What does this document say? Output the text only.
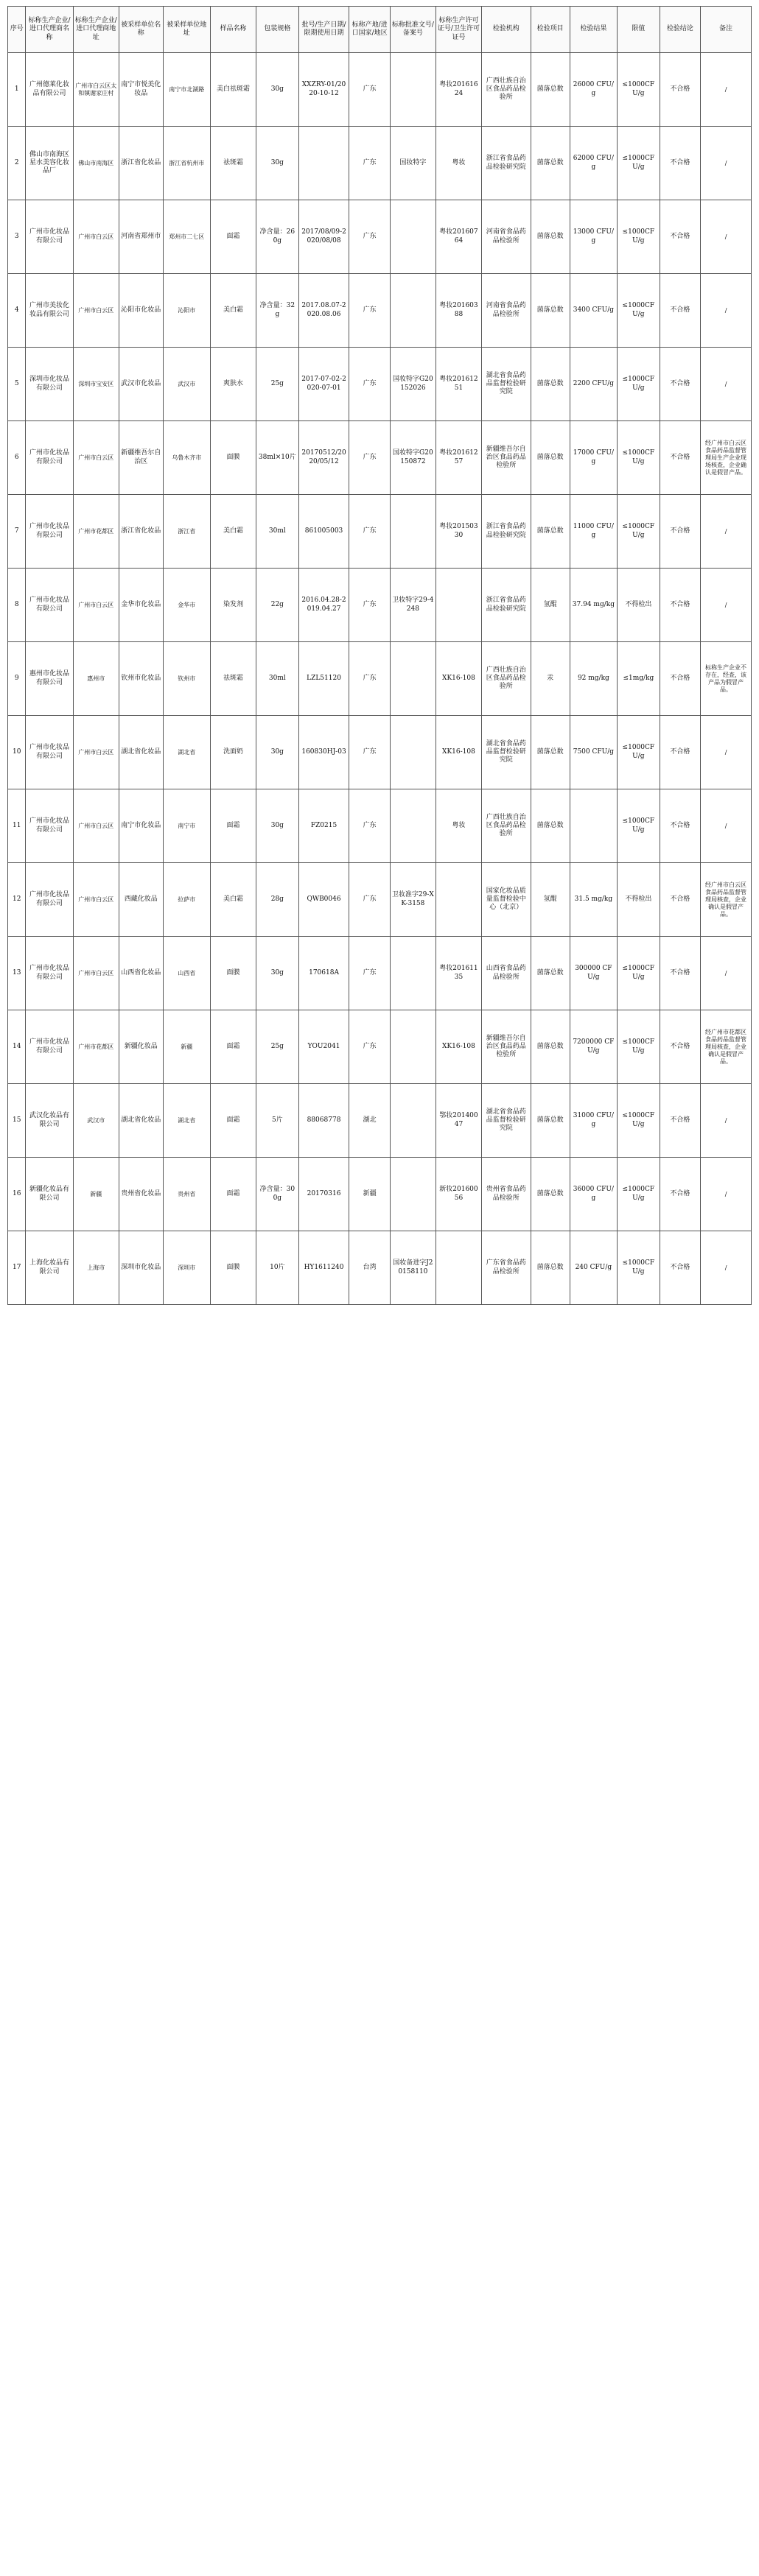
序号	标称生产企业/进口代理商名称	标称生产企业/进口代理商地址	被采样单位名称	被采样单位地址	样品名称	包装规格	批号/生产日期/限期使用日期	标称产地/进口国家/地区	标称批准文号/备案号	标称生产许可证号/卫生许可证号	检验机构	检验项目	检验结果	限值	检验结论	备注
1	广州德莱化妆品有限公司	广州市白云区太和镇谢家庄村	南宁市悦美化妆品	南宁市北湖路	美白祛斑霜	30g	XXZRY-01/2020-10-12	广东		粤妆20161624	广西壮族自治区食品药品检验所	菌落总数	26000 CFU/g	≤1000CFU/g	不合格	/
2	佛山市南海区星水美容化妆品厂	佛山市南海区	浙江省化妆品	浙江省杭州市	祛斑霜	30g		广东	国妆特字	粤妆	浙江省食品药品检验研究院	菌落总数	62000 CFU/g	≤1000CFU/g	不合格	/
3	广州市化妆品有限公司	广州市白云区	河南省郑州市	郑州市二七区	面霜	净含量：260g	2017/08/09-2020/08/08	广东		粤妆20160764	河南省食品药品检验所	菌落总数	13000 CFU/g	≤1000CFU/g	不合格	/
4	广州市美妆化妆品有限公司	广州市白云区	沁阳市化妆品	沁阳市	美白霜	净含量：32g	2017.08.07-2020.08.06	广东		粤妆20160388	河南省食品药品检验所	菌落总数	3400 CFU/g	≤1000CFU/g	不合格	/
5	深圳市化妆品有限公司	深圳市宝安区	武汉市化妆品	武汉市	爽肤水	25g	2017-07-02-2020-07-01	广东	国妆特字G20152026	粤妆20161251	湖北省食品药品监督检验研究院	菌落总数	2200 CFU/g	≤1000CFU/g	不合格	/
6	广州市化妆品有限公司	广州市白云区	新疆维吾尔自治区	乌鲁木齐市	面膜	38ml×10片	20170512/2020/05/12	广东	国妆特字G20150872	粤妆20161257	新疆维吾尔自治区食品药品检验所	菌落总数	17000 CFU/g	≤1000CFU/g	不合格	经广州市白云区食品药品监督管理局生产企业现场核查，企业确认是假冒产品。
7	广州市化妆品有限公司	广州市花都区	浙江省化妆品	浙江省	美白霜	30ml	861005003	广东		粤妆20150330	浙江省食品药品检验研究院	菌落总数	11000 CFU/g	≤1000CFU/g	不合格	/
8	广州市化妆品有限公司	广州市白云区	金华市化妆品	金华市	染发剂	22g	2016.04.28-2019.04.27	广东	卫妆特字29-4248		浙江省食品药品检验研究院	氢醌	37.94 mg/kg	不得检出	不合格	/
9	惠州市化妆品有限公司	惠州市	钦州市化妆品	钦州市	祛斑霜	30ml	LZL51120	广东		XK16-108	广西壮族自治区食品药品检验所	汞	92 mg/kg	≤1mg/kg	不合格	标称生产企业不存在，经查，该产品为假冒产品。
10	广州市化妆品有限公司	广州市白云区	湖北省化妆品	湖北省	洗面奶	30g	160830HJ-03	广东		XK16-108	湖北省食品药品监督检验研究院	菌落总数	7500 CFU/g	≤1000CFU/g	不合格	/
11	广州市化妆品有限公司	广州市白云区	南宁市化妆品	南宁市	面霜	30g	FZ0215	广东		粤妆	广西壮族自治区食品药品检验所	菌落总数		≤1000CFU/g	不合格	/
12	广州市化妆品有限公司	广州市白云区	西藏化妆品	拉萨市	美白霜	28g	QWB0046	广东	卫妆准字29-XK-3158		国家化妆品质量监督检验中心（北京）	氢醌	31.5 mg/kg	不得检出	不合格	经广州市白云区食品药品监督管理局核查，企业确认是假冒产品。
13	广州市化妆品有限公司	广州市白云区	山西省化妆品	山西省	面膜	30g	170618A	广东		粤妆20161135	山西省食品药品检验所	菌落总数	300000 CFU/g	≤1000CFU/g	不合格	/
14	广州市化妆品有限公司	广州市花都区	新疆化妆品	新疆	面霜	25g	YOU2041	广东		XK16-108	新疆维吾尔自治区食品药品检验所	菌落总数	7200000 CFU/g	≤1000CFU/g	不合格	经广州市花都区食品药品监督管理局核查，企业确认是假冒产品。
15	武汉化妆品有限公司	武汉市	湖北省化妆品	湖北省	面霜	5片	88068778	湖北		鄂妆20140047	湖北省食品药品监督检验研究院	菌落总数	31000 CFU/g	≤1000CFU/g	不合格	/
16	新疆化妆品有限公司	新疆	贵州省化妆品	贵州省	面霜	净含量：300g	20170316	新疆		新妆20160056	贵州省食品药品检验所	菌落总数	36000 CFU/g	≤1000CFU/g	不合格	/
17	上海化妆品有限公司	上海市	深圳市化妆品	深圳市	面膜	10片	HY1611240	台湾	国妆备进字J20158110		广东省食品药品检验所	菌落总数	240 CFU/g	≤1000CFU/g	不合格	/
